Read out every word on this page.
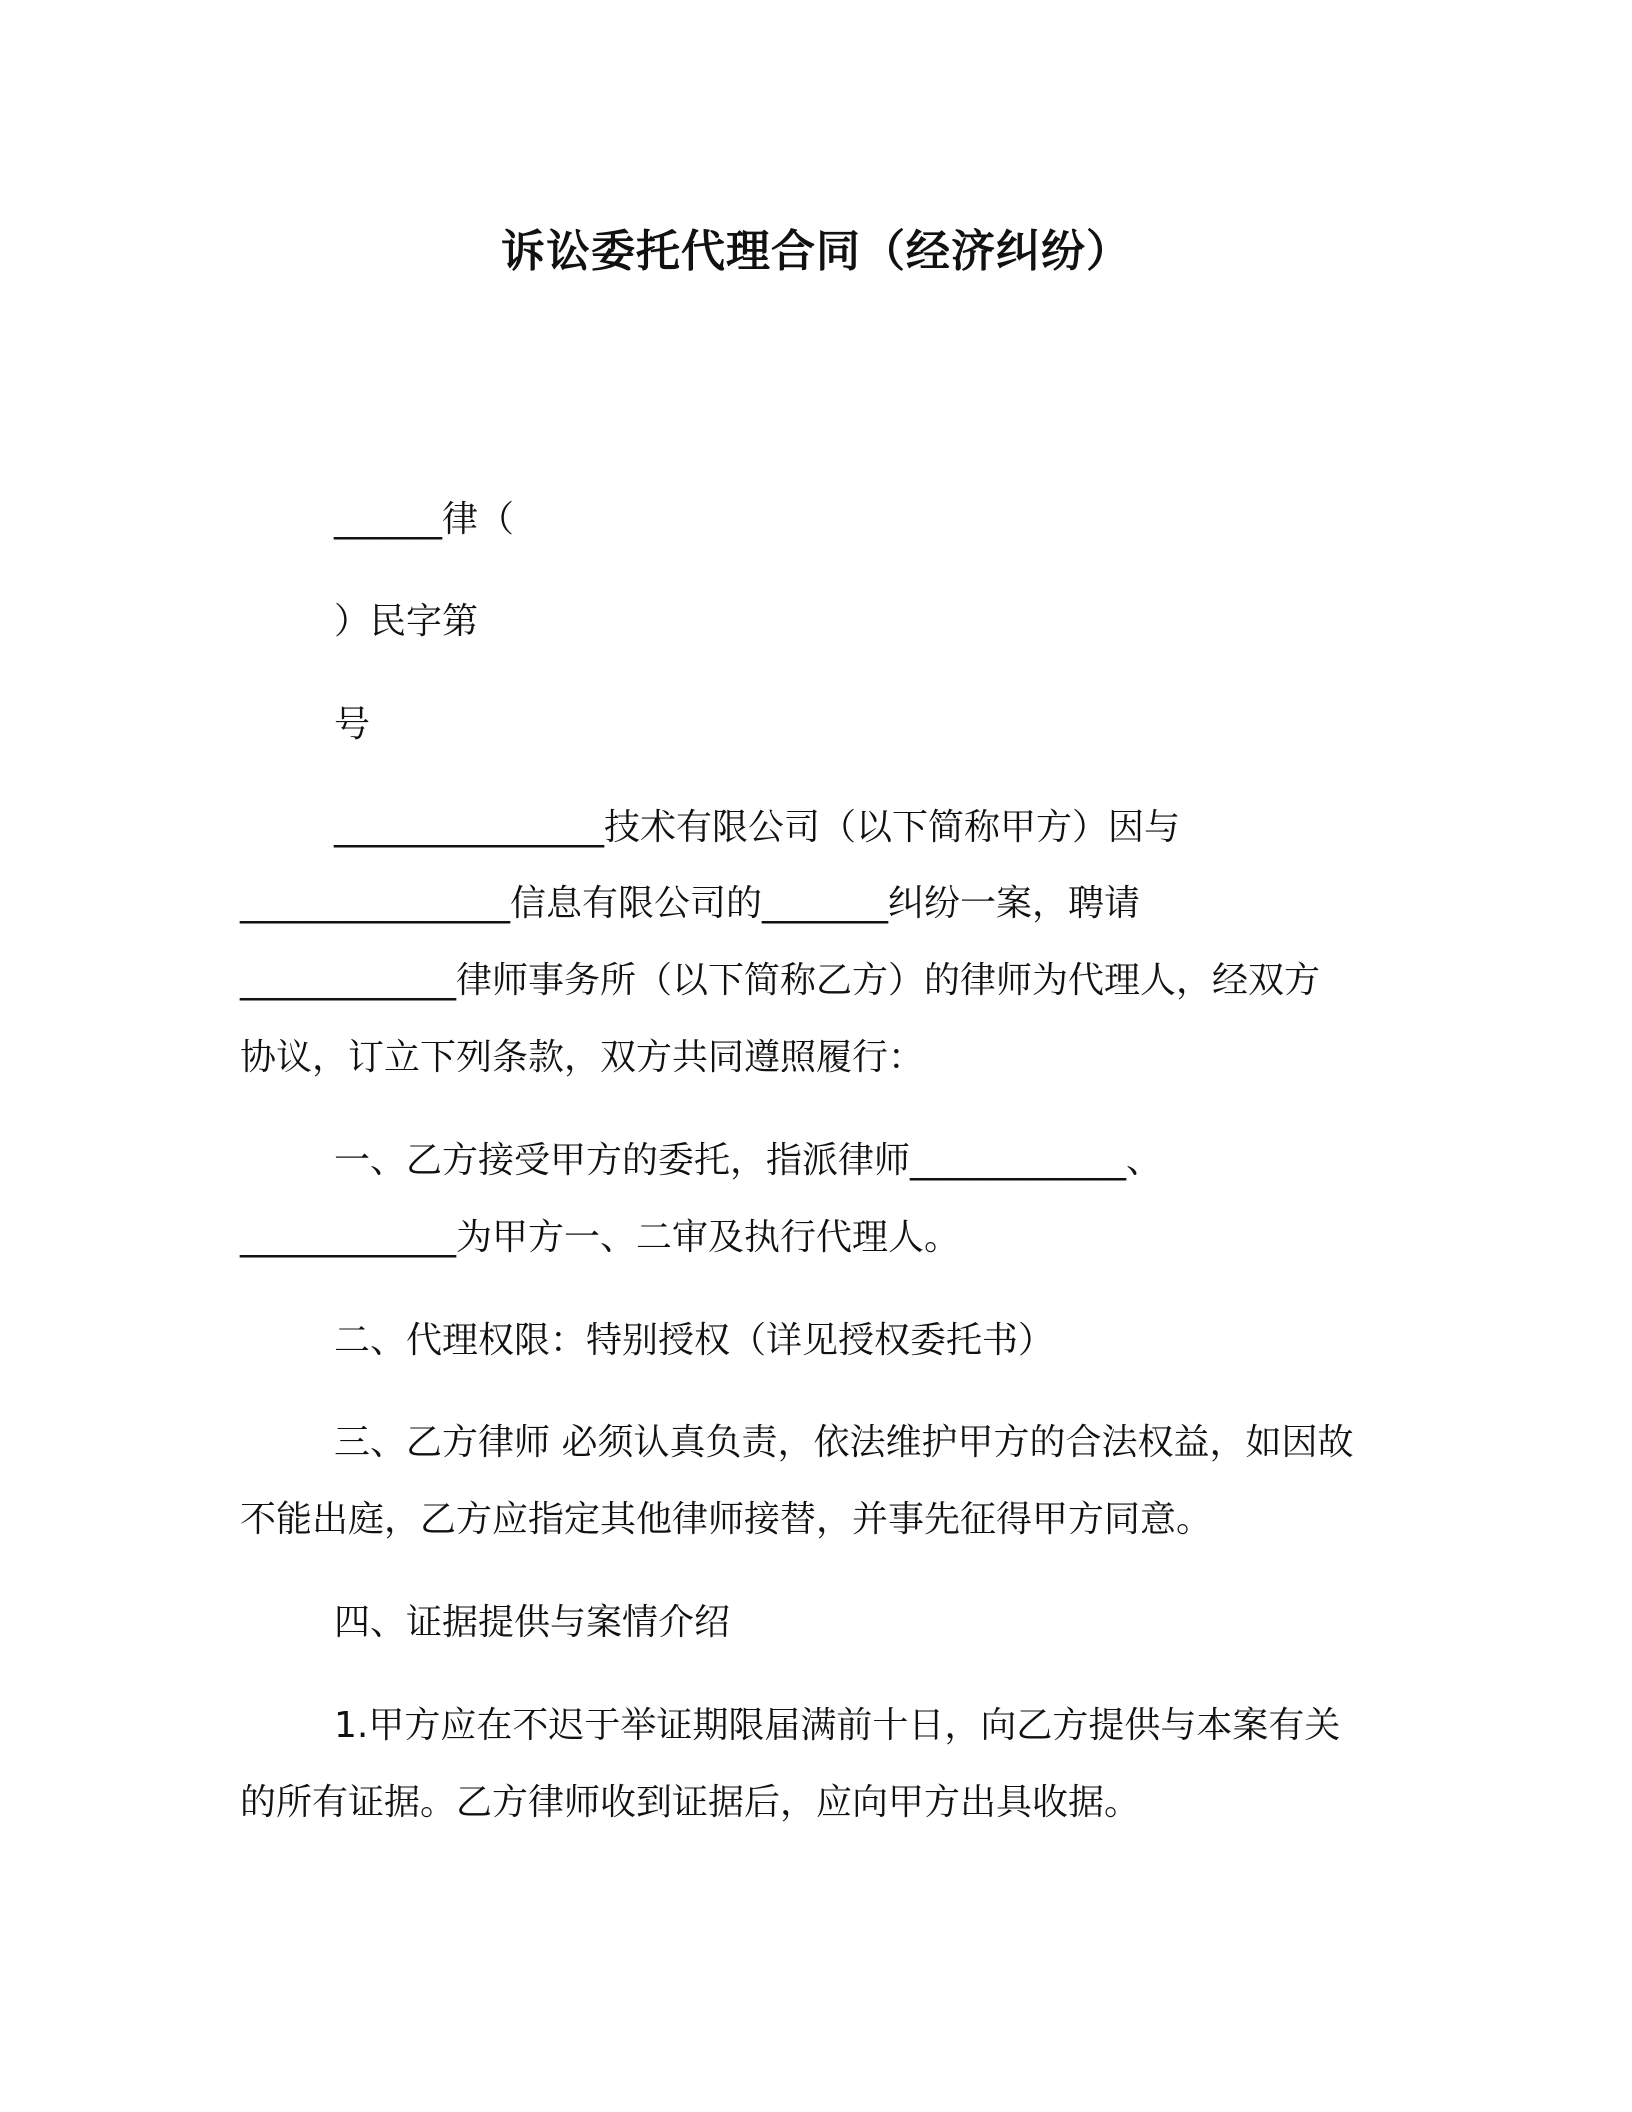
诉讼委托代理合同（经济纠纷）
______律（
）民字第
号
_______________技术有限公司（以下简称甲方）因与
_______________信息有限公司的_______纠纷一案，聘请
____________律师事务所（以下简称乙方）的律师为代理人，经双方
协议，订立下列条款，双方共同遵照履行：
一、乙方接受甲方的委托，指派律师____________、
____________为甲方一、二审及执行代理人。
二、代理权限：特别授权（详见授权委托书）
三、乙方律师 必须认真负责，依法维护甲方的合法权益，如因故
不能出庭，乙方应指定其他律师接替，并事先征得甲方同意。
四、证据提供与案情介绍
1.甲方应在不迟于举证期限届满前十日，向乙方提供与本案有关
的所有证据。乙方律师收到证据后，应向甲方出具收据。
